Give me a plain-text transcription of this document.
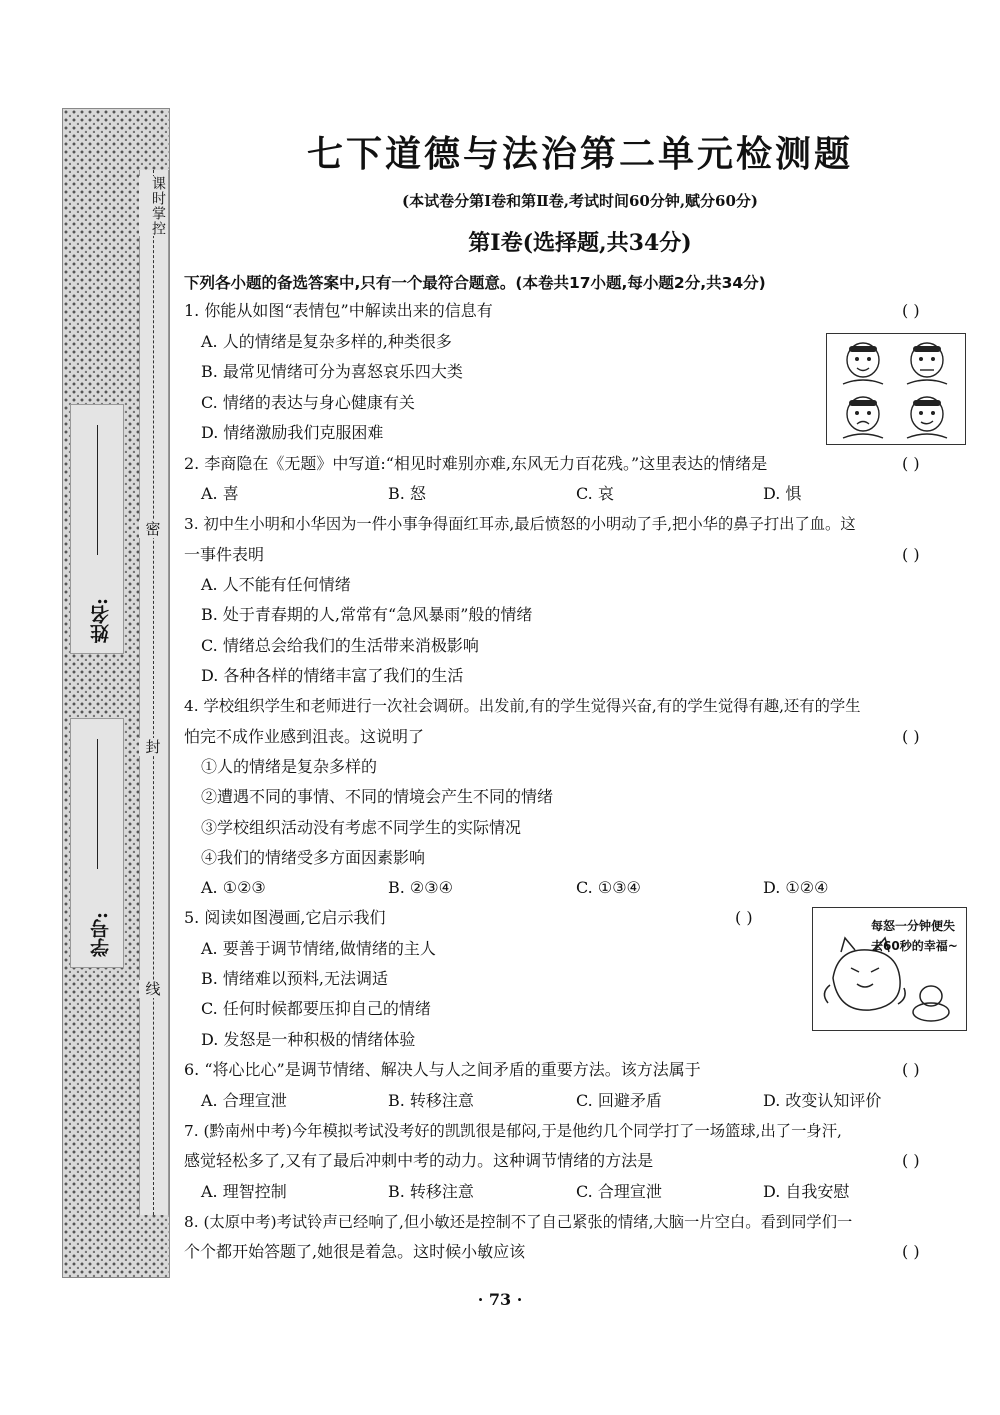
课时掌控
密
封
线
姓名:
学号:
七下道德与法治第二单元检测题
(本试卷分第Ⅰ卷和第Ⅱ卷,考试时间60分钟,赋分60分)
第Ⅰ卷(选择题,共34分)
下列各小题的备选答案中,只有一个最符合题意。(本卷共17小题,每小题2分,共34分)
1. 你能从如图“表情包”中解读出来的信息有	( )
A. 人的情绪是复杂多样的,种类很多
B. 最常见情绪可分为喜怒哀乐四大类
C. 情绪的表达与身心健康有关
D. 情绪激励我们克服困难
2. 李商隐在《无题》中写道:“相见时难别亦难,东风无力百花残。”这里表达的情绪是	( )
A. 喜	B. 怒	C. 哀	D. 惧
3. 初中生小明和小华因为一件小事争得面红耳赤,最后愤怒的小明动了手,把小华的鼻子打出了血。这
一事件表明	( )
A. 人不能有任何情绪
B. 处于青春期的人,常常有“急风暴雨”般的情绪
C. 情绪总会给我们的生活带来消极影响
D. 各种各样的情绪丰富了我们的生活
4. 学校组织学生和老师进行一次社会调研。出发前,有的学生觉得兴奋,有的学生觉得有趣,还有的学生
怕完不成作业感到沮丧。这说明了	( )
①人的情绪是复杂多样的
②遭遇不同的事情、不同的情境会产生不同的情绪
③学校组织活动没有考虑不同学生的实际情况
④我们的情绪受多方面因素影响
A. ①②③	B. ②③④	C. ①③④	D. ①②④
5. 阅读如图漫画,它启示我们	( )
A. 要善于调节情绪,做情绪的主人
B. 情绪难以预料,无法调适
C. 任何时候都要压抑自己的情绪
D. 发怒是一种积极的情绪体验
每怒一分钟便失去60秒的幸福~
6. “将心比心”是调节情绪、解决人与人之间矛盾的重要方法。该方法属于	( )
A. 合理宣泄	B. 转移注意	C. 回避矛盾	D. 改变认知评价
7. (黔南州中考)今年模拟考试没考好的凯凯很是郁闷,于是他约几个同学打了一场篮球,出了一身汗,
感觉轻松多了,又有了最后冲刺中考的动力。这种调节情绪的方法是	( )
A. 理智控制	B. 转移注意	C. 合理宣泄	D. 自我安慰
8. (太原中考)考试铃声已经响了,但小敏还是控制不了自己紧张的情绪,大脑一片空白。看到同学们一
个个都开始答题了,她很是着急。这时候小敏应该	( )
· 73 ·
